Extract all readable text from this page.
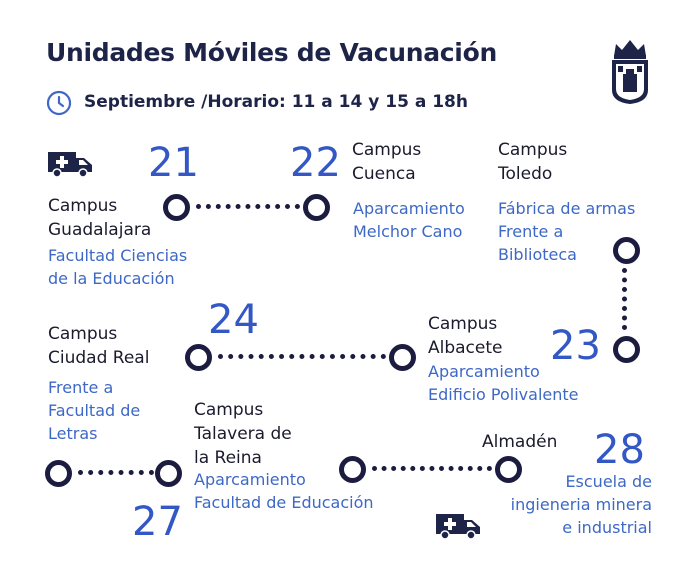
Unidades Móviles de Vacunación
Septiembre /Horario: 11 a 14 y 15 a 18h
21 22
23
24
27
28
Campus
Guadalajara
Facultad Ciencias
de la Educación
Campus
Cuenca
Aparcamiento
Melchor Cano
Campus
Toledo
Fábrica de armas
Frente a
Biblioteca
Campus
Ciudad Real
Frente a
Facultad de
Letras
Campus
Albacete
Aparcamiento
Edificio Polivalente
Campus
Talavera de
la Reina
Aparcamiento
Facultad de Educación
Almadén
Escuela de
ingieneria minera
e industrial
